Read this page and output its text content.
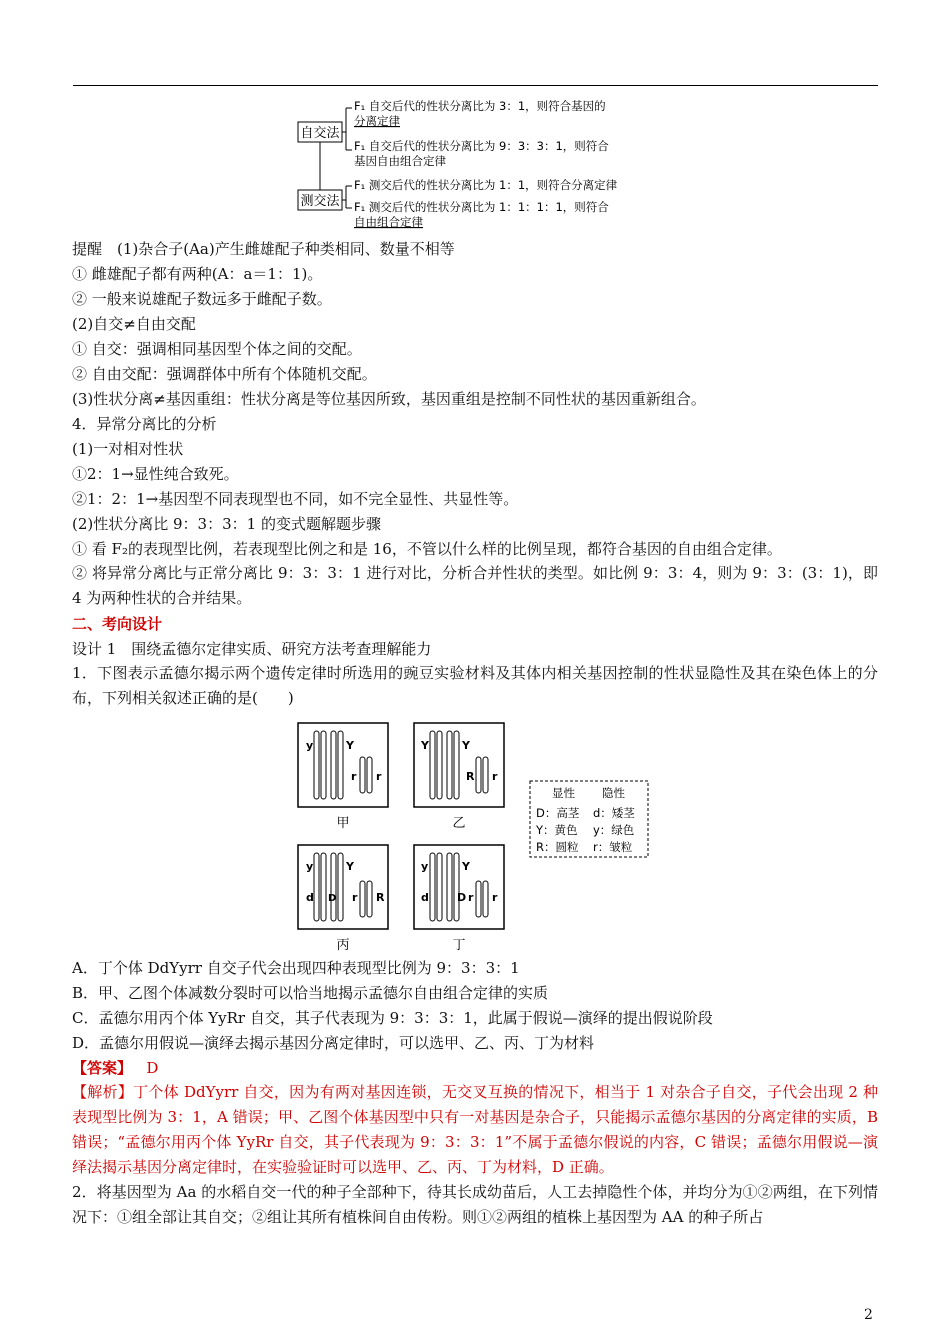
自交法
测交法
F₁ 自交后代的性状分离比为 3：1，则符合基因的
分离定律
F₁ 自交后代的性状分离比为 9：3：3：1，则符合
基因自由组合定律
F₁ 测交后代的性状分离比为 1：1，则符合分离定律
F₁ 测交后代的性状分离比为 1：1：1：1，则符合
自由组合定律
提醒　(1)杂合子(Aa)产生雌雄配子种类相同、数量不相等
① 雌雄配子都有两种(A：a＝1：1)。
② 一般来说雄配子数远多于雌配子数。
(2)自交≠自由交配
① 自交：强调相同基因型个体之间的交配。
② 自由交配：强调群体中所有个体随机交配。
(3)性状分离≠基因重组：性状分离是等位基因所致，基因重组是控制不同性状的基因重新组合。
4．异常分离比的分析
(1)一对相对性状
①2：1→显性纯合致死。
②1：2：1→基因型不同表现型也不同，如不完全显性、共显性等。
(2)性状分离比 9：3：3：1 的变式题解题步骤
① 看 F₂的表现型比例，若表现型比例之和是 16，不管以什么样的比例呈现，都符合基因的自由组合定律。
② 将异常分离比与正常分离比 9：3：3：1 进行对比，分析合并性状的类型。如比例 9：3：4，则为 9：3：(3：1)，即 4 为两种性状的合并结果。
二、考向设计
设计 1　围绕孟德尔定律实质、研究方法考查理解能力
1．下图表示孟德尔揭示两个遗传定律时所选用的豌豆实验材料及其体内相关基因控制的性状显隐性及其在染色体上的分布，下列相关叙述正确的是(　　)
y	Y
r r
Y	Y
R r
y	Y
d D r R
y	Y
d	D r r
甲	乙
丙	丁
显性 隐性
D：高茎 d：矮茎
Y：黄色 y：绿色
R：圆粒 r：皱粒
A．丁个体 DdYyrr 自交子代会出现四种表现型比例为 9：3：3：1
B．甲、乙图个体减数分裂时可以恰当地揭示孟德尔自由组合定律的实质
C．孟德尔用丙个体 YyRr 自交，其子代表现为 9：3：3：1，此属于假说—演绎的提出假说阶段
D．孟德尔用假说—演绎去揭示基因分离定律时，可以选甲、乙、丙、丁为材料
【答案】 D
【解析】丁个体 DdYyrr 自交，因为有两对基因连锁，无交叉互换的情况下，相当于 1 对杂合子自交，子代会出现 2 种表现型比例为 3：1，A 错误；甲、乙图个体基因型中只有一对基因是杂合子，只能揭示孟德尔基因的分离定律的实质，B 错误；“孟德尔用丙个体 YyRr 自交，其子代表现为 9：3：3：1”不属于孟德尔假说的内容，C 错误；孟德尔用假说—演绎法揭示基因分离定律时，在实验验证时可以选甲、乙、丙、丁为材料，D 正确。
2．将基因型为 Aa 的水稻自交一代的种子全部种下，待其长成幼苗后，人工去掉隐性个体，并均分为①②两组，在下列情况下：①组全部让其自交；②组让其所有植株间自由传粉。则①②两组的植株上基因型为 AA 的种子所占
2
